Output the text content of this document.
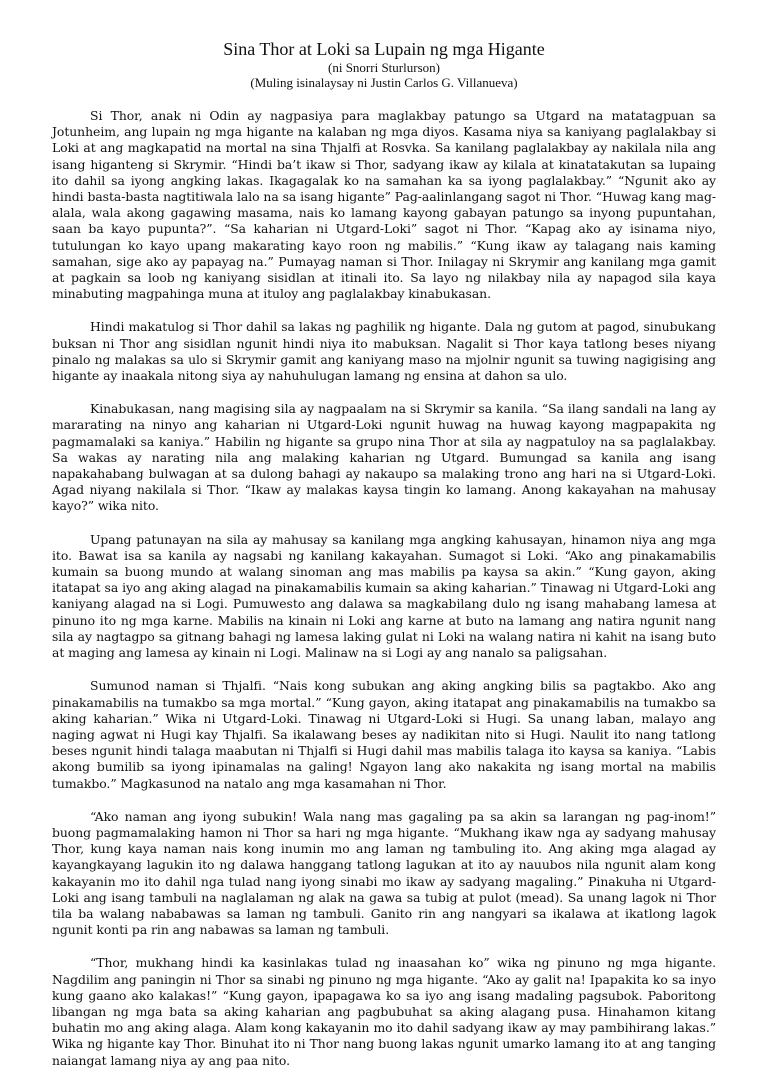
Sina Thor at Loki sa Lupain ng mga Higante

(ni Snorri Sturlurson)

(Muling isinalaysay ni Justin Carlos G. Villanueva)

Si Thor, anak ni Odin ay nagpasiya para maglakbay patungo sa Utgard na matatagpuan sa Jotunheim, ang lupain ng mga higante na kalaban ng mga diyos. Kasama niya sa kaniyang paglalakbay si Loki at ang magkapatid na mortal na sina Thjalfi at Rosvka. Sa kanilang paglalakbay ay nakilala nila ang isang higanteng si Skrymir. “Hindi ba’t ikaw si Thor, sadyang ikaw ay kilala at kinatatakutan sa lupaing ito dahil sa iyong angking lakas. Ikagagalak ko na samahan ka sa iyong paglalakbay.” “Ngunit ako ay hindi basta-basta nagtitiwala lalo na sa isang higante” Pag-aalinlangang sagot ni Thor. “Huwag kang mag-alala, wala akong gagawing masama, nais ko lamang kayong gabayan patungo sa inyong pupuntahan, saan ba kayo pupunta?”. “Sa kaharian ni Utgard-Loki” sagot ni Thor. “Kapag ako ay isinama niyo, tutulungan ko kayo upang makarating kayo roon ng mabilis.” “Kung ikaw ay talagang nais kaming samahan, sige ako ay papayag na.” Pumayag naman si Thor. Inilagay ni Skrymir ang kanilang mga gamit at pagkain sa loob ng kaniyang sisidlan at itinali ito. Sa layo ng nilakbay nila ay napagod sila kaya minabuting magpahinga muna at ituloy ang paglalakbay kinabukasan.

Hindi makatulog si Thor dahil sa lakas ng paghilik ng higante. Dala ng gutom at pagod, sinubukang buksan ni Thor ang sisidlan ngunit hindi niya ito mabuksan. Nagalit si Thor kaya tatlong beses niyang pinalo ng malakas sa ulo si Skrymir gamit ang kaniyang maso na mjolnir ngunit sa tuwing nagigising ang higante ay inaakala nitong siya ay nahuhulugan lamang ng ensina at dahon sa ulo.

Kinabukasan, nang magising sila ay nagpaalam na si Skrymir sa kanila. “Sa ilang sandali na lang ay mararating na ninyo ang kaharian ni Utgard-Loki ngunit huwag na huwag kayong magpapakita ng pagmamalaki sa kaniya.” Habilin ng higante sa grupo nina Thor at sila ay nagpatuloy na sa paglalakbay. Sa wakas ay narating nila ang malaking kaharian ng Utgard. Bumungad sa kanila ang isang napakahabang bulwagan at sa dulong bahagi ay nakaupo sa malaking trono ang hari na si Utgard-Loki. Agad niyang nakilala si Thor. “Ikaw ay malakas kaysa tingin ko lamang. Anong kakayahan na mahusay kayo?” wika nito.

Upang patunayan na sila ay mahusay sa kanilang mga angking kahusayan, hinamon niya ang mga ito. Bawat isa sa kanila ay nagsabi ng kanilang kakayahan. Sumagot si Loki. “Ako ang pinakamabilis kumain sa buong mundo at walang sinoman ang mas mabilis pa kaysa sa akin.” “Kung gayon, aking itatapat sa iyo ang aking alagad na pinakamabilis kumain sa aking kaharian.” Tinawag ni Utgard-Loki ang kaniyang alagad na si Logi. Pumuwesto ang dalawa sa magkabilang dulo ng isang mahabang lamesa at pinuno ito ng mga karne. Mabilis na kinain ni Loki ang karne at buto na lamang ang natira ngunit nang sila ay nagtagpo sa gitnang bahagi ng lamesa laking gulat ni Loki na walang natira ni kahit na isang buto at maging ang lamesa ay kinain ni Logi. Malinaw na si Logi ay ang nanalo sa paligsahan.

Sumunod naman si Thjalfi. “Nais kong subukan ang aking angking bilis sa pagtakbo. Ako ang pinakamabilis na tumakbo sa mga mortal.” “Kung gayon, aking itatapat ang pinakamabilis na tumakbo sa aking kaharian.” Wika ni Utgard-Loki. Tinawag ni Utgard-Loki si Hugi. Sa unang laban, malayo ang naging agwat ni Hugi kay Thjalfi. Sa ikalawang beses ay nadikitan nito si Hugi. Naulit ito nang tatlong beses ngunit hindi talaga maabutan ni Thjalfi si Hugi dahil mas mabilis talaga ito kaysa sa kaniya. “Labis akong bumilib sa iyong ipinamalas na galing! Ngayon lang ako nakakita ng isang mortal na mabilis tumakbo.” Magkasunod na natalo ang mga kasamahan ni Thor.

“Ako naman ang iyong subukin! Wala nang mas gagaling pa sa akin sa larangan ng pag-inom!” buong pagmamalaking hamon ni Thor sa hari ng mga higante. “Mukhang ikaw nga ay sadyang mahusay Thor, kung kaya naman nais kong inumin mo ang laman ng tambuling ito. Ang aking mga alagad ay kayangkayang lagukin ito ng dalawa hanggang tatlong lagukan at ito ay nauubos nila ngunit alam kong kakayanin mo ito dahil nga tulad nang iyong sinabi mo ikaw ay sadyang magaling.” Pinakuha ni Utgard-Loki ang isang tambuli na naglalaman ng alak na gawa sa tubig at pulot (mead). Sa unang lagok ni Thor tila ba walang nababawas sa laman ng tambuli. Ganito rin ang nangyari sa ikalawa at ikatlong lagok ngunit konti pa rin ang nabawas sa laman ng tambuli.

“Thor, mukhang hindi ka kasinlakas tulad ng inaasahan ko” wika ng pinuno ng mga higante. Nagdilim ang paningin ni Thor sa sinabi ng pinuno ng mga higante. “Ako ay galit na! Ipapakita ko sa inyo kung gaano ako kalakas!” “Kung gayon, ipapagawa ko sa iyo ang isang madaling pagsubok. Paboritong libangan ng mga bata sa aking kaharian ang pagbubuhat sa aking alagang pusa. Hinahamon kitang buhatin mo ang aking alaga. Alam kong kakayanin mo ito dahil sadyang ikaw ay may pambihirang lakas.” Wika ng higante kay Thor. Binuhat ito ni Thor nang buong lakas ngunit umarko lamang ito at ang tanging naiangat lamang niya ay ang paa nito.
